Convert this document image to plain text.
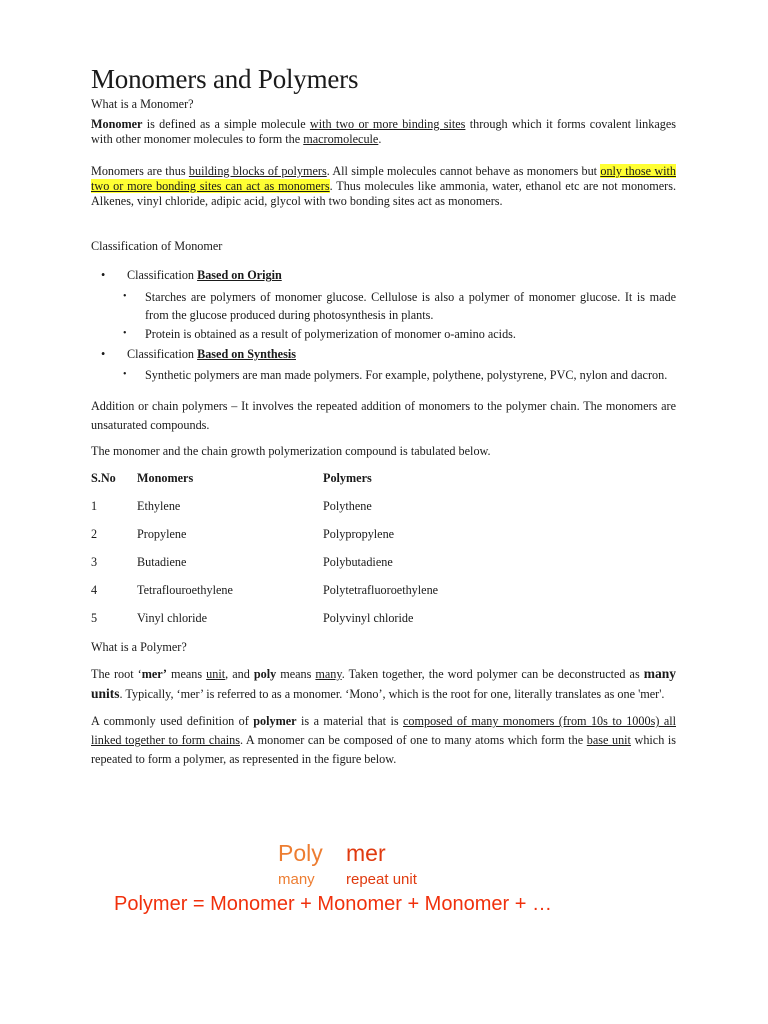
Monomers and Polymers

What is a Monomer?

Monomer is defined as a simple molecule with two or more binding sites through which it forms covalent linkages with other monomer molecules to form the macromolecule.

Monomers are thus building blocks of polymers. All simple molecules cannot behave as monomers but only those with two or more bonding sites can act as monomers. Thus molecules like ammonia, water, ethanol etc are not monomers. Alkenes, vinyl chloride, adipic acid, glycol with two bonding sites act as monomers.

Classification of Monomer

• Classification Based on Origin
• Starches are polymers of monomer glucose. Cellulose is also a polymer of monomer glucose. It is made from the glucose produced during photosynthesis in plants.
• Protein is obtained as a result of polymerization of monomer o-amino acids.
• Classification Based on Synthesis
• Synthetic polymers are man made polymers. For example, polythene, polystyrene, PVC, nylon and dacron.

Addition or chain polymers – It involves the repeated addition of monomers to the polymer chain. The monomers are unsaturated compounds.

The monomer and the chain growth polymerization compound is tabulated below.

S.No	Monomers	Polymers
1	Ethylene	Polythene
2	Propylene	Polypropylene
3	Butadiene	Polybutadiene
4	Tetraflouroethylene	Polytetrafluoroethylene
5	Vinyl chloride	Polyvinyl chloride

What is a Polymer?

The root ‘mer’ means unit, and poly means many. Taken together, the word polymer can be deconstructed as many units. Typically, ‘mer’ is referred to as a monomer. ‘Mono’, which is the root for one, literally translates as one 'mer'.

A commonly used definition of polymer is a material that is composed of many monomers (from 10s to 1000s) all linked together to form chains. A monomer can be composed of one to many atoms which form the base unit which is repeated to form a polymer, as represented in the figure below.

Poly mer
many repeat unit
Polymer = Monomer + Monomer + Monomer + …
